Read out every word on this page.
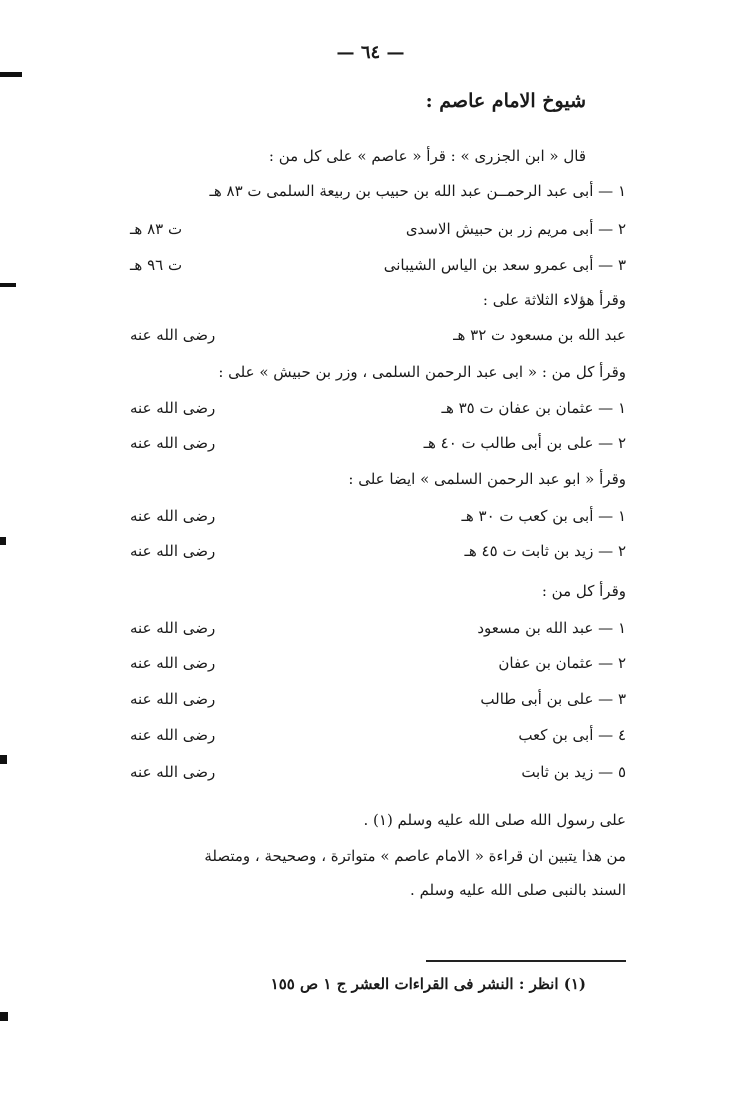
— ٦٤ —
شيوخ الامام عاصم :
قال « ابن الجزرى » : قرأ « عاصم » على كل من :
١ — أبى عبد الرحمــن عبد الله بن حبيب بن ربيعة السلمى ت ٨٣ هـ
٢ — أبى مريم زر بن حبيش الاسدى
ت ٨٣ هـ
٣ — أبى عمرو سعد بن الياس الشيبانى
ت ٩٦ هـ
وقرأ هؤلاء الثلاثة على :
عبد الله بن مسعود ت ٣٢ هـ
رضى الله عنه
وقرأ كل من : « ابى عبد الرحمن السلمى ، وزر بن حبيش » على :
١ — عثمان بن عفان ت ٣٥ هـ
رضى الله عنه
٢ — على بن أبى طالب ت ٤٠ هـ
رضى الله عنه
وقرأ « ابو عبد الرحمن السلمى » ايضا على :
١ — أبى بن كعب ت ٣٠ هـ
رضى الله عنه
٢ — زيد بن ثابت ت ٤٥ هـ
رضى الله عنه
وقرأ كل من :
١ — عبد الله بن مسعود
رضى الله عنه
٢ — عثمان بن عفان
رضى الله عنه
٣ — على بن أبى طالب
رضى الله عنه
٤ — أبى بن كعب
رضى الله عنه
٥ — زيد بن ثابت
رضى الله عنه
على رسول الله صلى الله عليه وسلم (١) .
من هذا يتبين ان قراءة « الامام عاصم » متواترة ، وصحيحة ، ومتصلة
السند بالنبى صلى الله عليه وسلم .
(١) انظر : النشر فى القراءات العشر ج ١ ص ١٥٥
